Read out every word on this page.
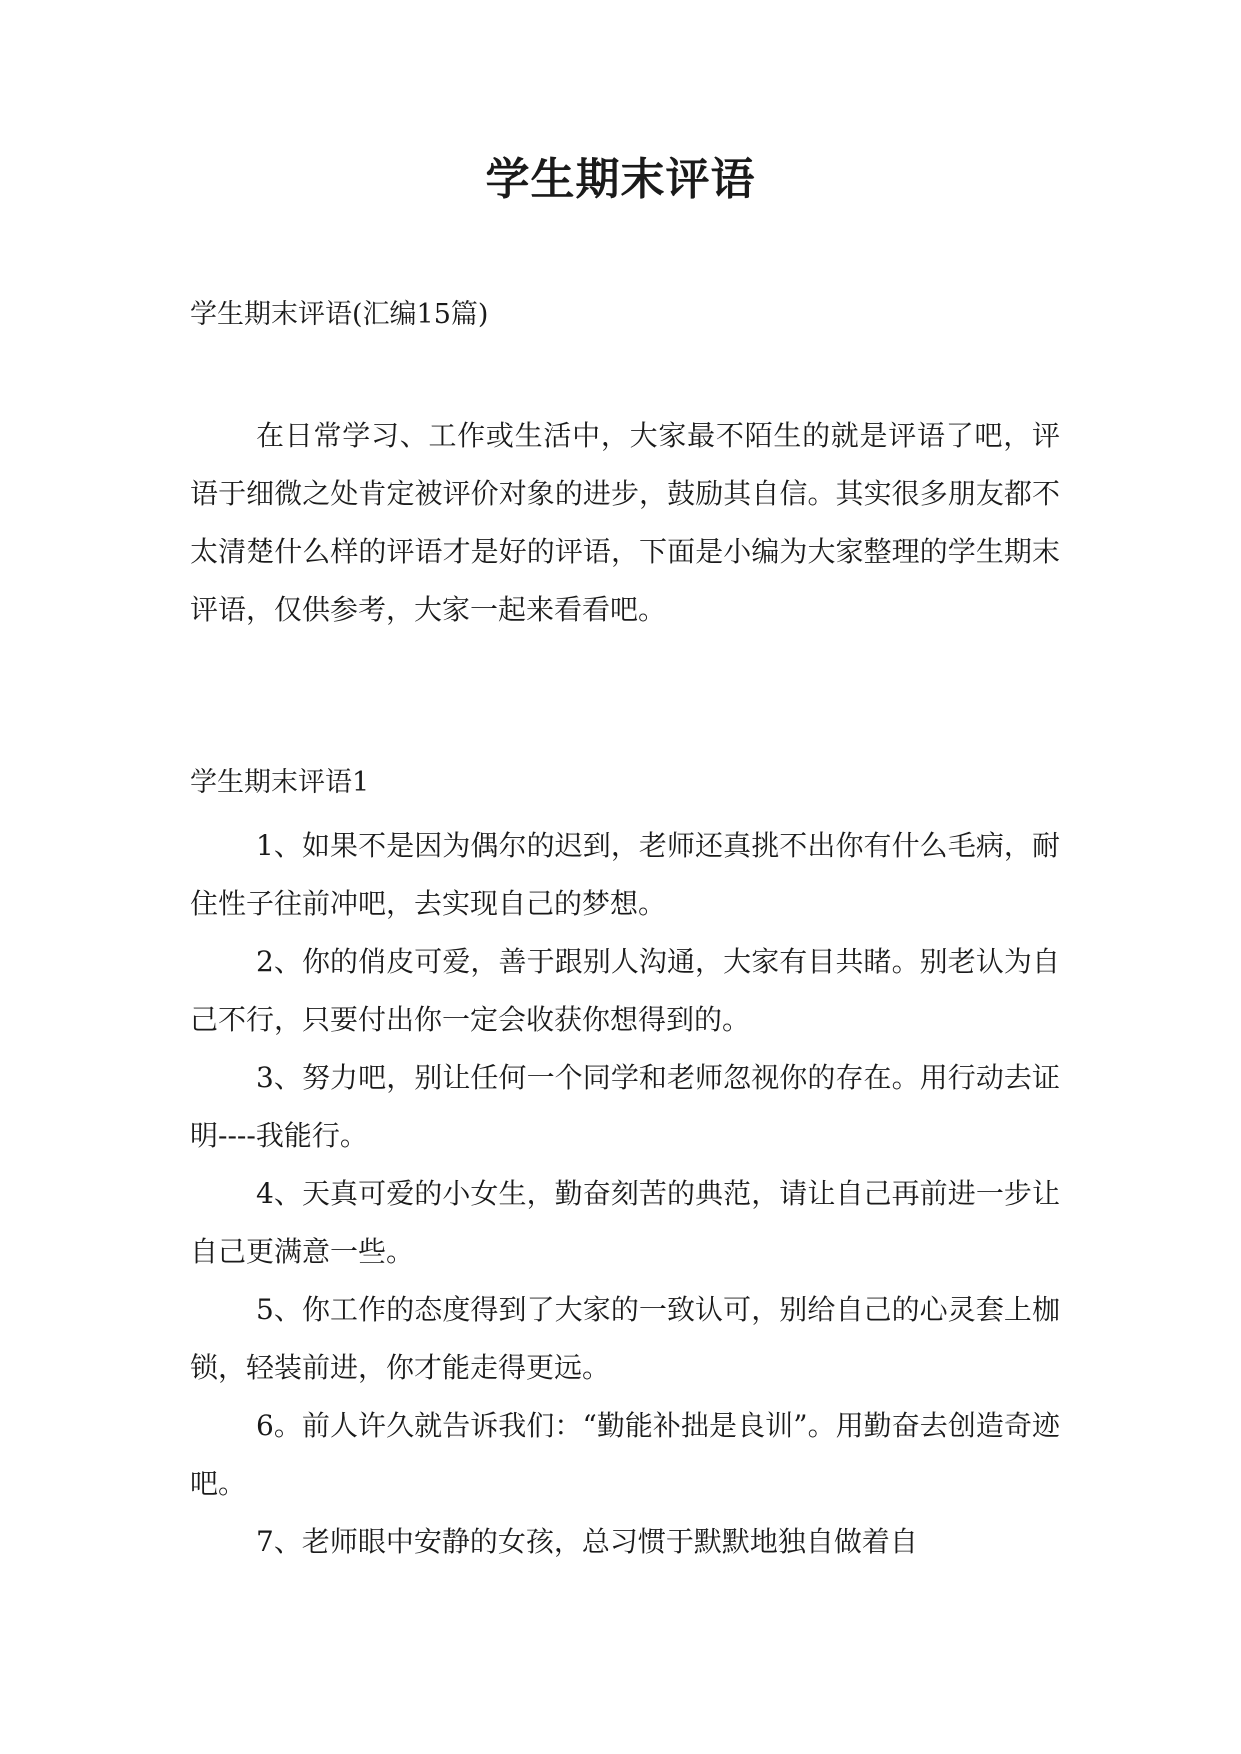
学生期末评语

学生期末评语(汇编15篇)

在日常学习、工作或生活中，大家最不陌生的就是评语了吧，评语于细微之处肯定被评价对象的进步，鼓励其自信。其实很多朋友都不太清楚什么样的评语才是好的评语，下面是小编为大家整理的学生期末评语，仅供参考，大家一起来看看吧。

学生期末评语1

1、如果不是因为偶尔的迟到，老师还真挑不出你有什么毛病，耐住性子往前冲吧，去实现自己的梦想。

2、你的俏皮可爱，善于跟别人沟通，大家有目共睹。别老认为自己不行，只要付出你一定会收获你想得到的。

3、努力吧，别让任何一个同学和老师忽视你的存在。用行动去证明----我能行。

4、天真可爱的小女生，勤奋刻苦的典范，请让自己再前进一步让自己更满意一些。

5、你工作的态度得到了大家的一致认可，别给自己的心灵套上枷锁，轻装前进，你才能走得更远。

6。前人许久就告诉我们：“勤能补拙是良训”。用勤奋去创造奇迹吧。

7、老师眼中安静的女孩，总习惯于默默地独自做着自
